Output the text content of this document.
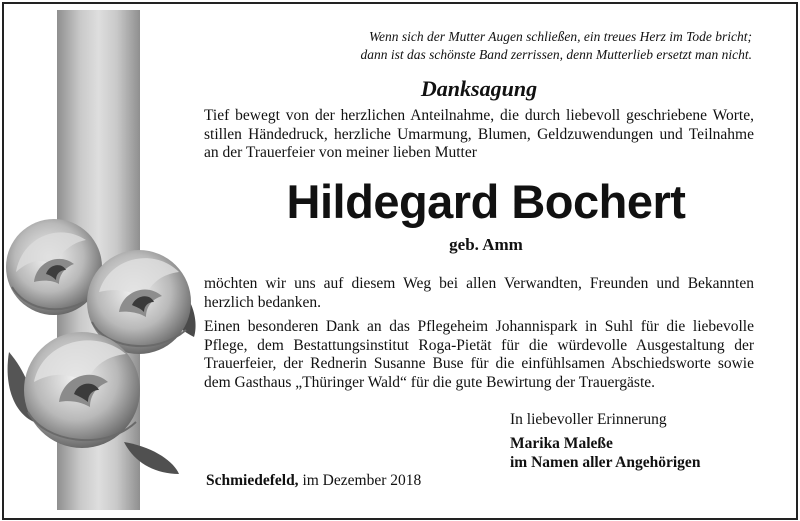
Wenn sich der Mutter Augen schließen, ein treues Herz im Tode bricht;
dann ist das schönste Band zerrissen, denn Mutterlieb ersetzt man nicht.
Danksagung
Tief bewegt von der herzlichen Anteilnahme, die durch liebevoll geschriebene Worte, stillen Händedruck, herzliche Umarmung, Blumen, Geldzuwendungen und Teilnahme an der Trauerfeier von meiner lieben Mutter
Hildegard Bochert
geb. Amm
möchten wir uns auf diesem Weg bei allen Verwandten, Freunden und Bekannten herzlich bedanken.
Einen besonderen Dank an das Pflegeheim Johannispark in Suhl für die liebevolle Pflege, dem Bestattungsinstitut Roga-Pietät für die würdevolle Ausgestaltung der Trauerfeier, der Rednerin Susanne Buse für die einfühlsamen Abschiedsworte sowie dem Gasthaus „Thüringer Wald“ für die gute Bewirtung der Trauergäste.
In liebevoller Erinnerung
Marika Maleße
im Namen aller Angehörigen
Schmiedefeld, im Dezember 2018
